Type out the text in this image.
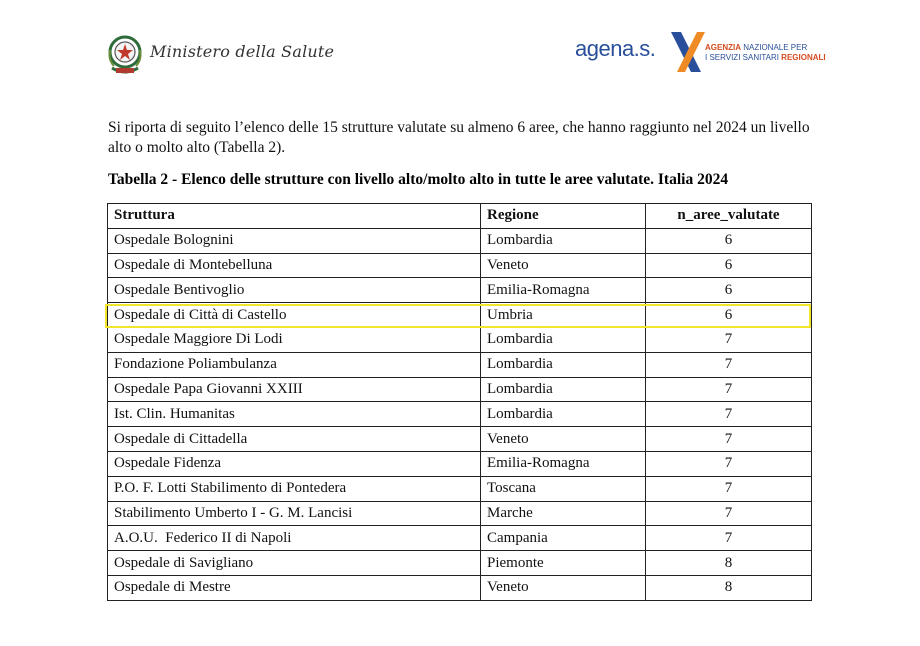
Ministero della Salute	agena.s.	AGENZIA NAZIONALE PER
I SERVIZI SANITARI REGIONALI

Si riporta di seguito l’elenco delle 15 strutture valutate su almeno 6 aree, che hanno raggiunto nel 2024 un livello alto o molto alto (Tabella 2).

Tabella 2 - Elenco delle strutture con livello alto/molto alto in tutte le aree valutate. Italia 2024
Struttura	Regione	n_aree_valutate
Ospedale Bolognini	Lombardia	6
Ospedale di Montebelluna	Veneto	6
Ospedale Bentivoglio	Emilia-Romagna	6
Ospedale di Città di Castello	Umbria	6
Ospedale Maggiore Di Lodi	Lombardia	7
Fondazione Poliambulanza	Lombardia	7
Ospedale Papa Giovanni XXIII	Lombardia	7
Ist. Clin. Humanitas	Lombardia	7
Ospedale di Cittadella	Veneto	7
Ospedale Fidenza	Emilia-Romagna	7
P.O. F. Lotti Stabilimento di Pontedera	Toscana	7
Stabilimento Umberto I - G. M. Lancisi	Marche	7
A.O.U.  Federico II di Napoli	Campania	7
Ospedale di Savigliano	Piemonte	8
Ospedale di Mestre	Veneto	8
